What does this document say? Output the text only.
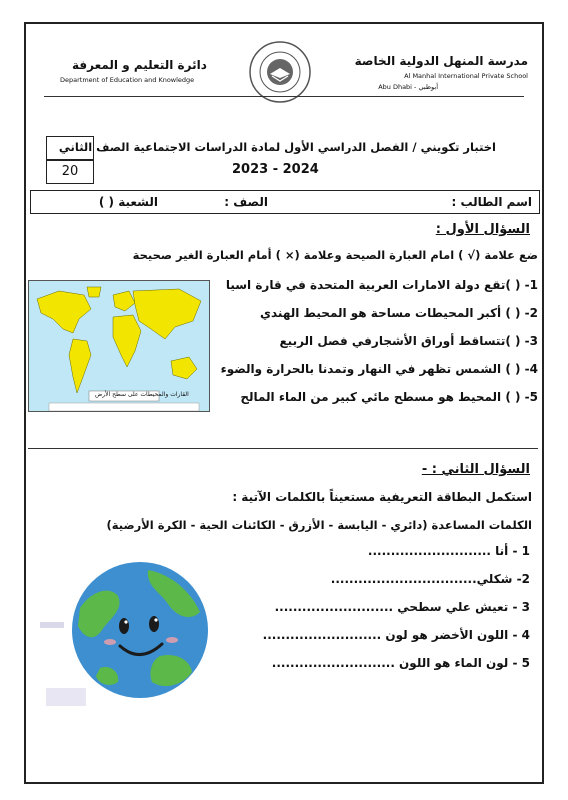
مدرسة المنهل الدولية الخاصة
Al Manhal International Private School
Abu Dhabi - أبوظبي
دائرة التعليم و المعرفة
Department of Education and Knowledge
اختبار تكويني / الفصل الدراسي الأول لمادة الدراسات الاجتماعية الصف الثاني
2023 - 2024
20
اسم الطالب :
الصف :
الشعبة ( )
السؤال الأول :
ضع علامة (√ ) امام العبارة الصيحة وعلامة (× ) أمام العبارة الغير صحيحة
1- ( )تقع دولة الامارات العربية المتحدة في قارة اسيا
2- ( ) أكبر المحيطات مساحة هو المحيط الهندي
3- ( )تتساقط أوراق الأشجارفي فصل الربيع
4- ( ) الشمس تظهر في النهار وتمدنا بالحرارة والضوء
5- ( ) المحيط هو مسطح مائي كبير من الماء المالح
القارات والمحيطات على سطح الأرض
السؤال الثاني : -
استكمل البطاقة التعريفية مستعيناً بالكلمات الآتية :
الكلمات المساعدة (دائري - اليابسة - الأزرق - الكائنات الحية - الكرة الأرضية)
1 - أنا ...........................
2- شكلي................................
3 - تعيش علي سطحي ..........................
4 - اللون الأخضر هو لون ..........................
5 - لون الماء هو اللون ...........................
